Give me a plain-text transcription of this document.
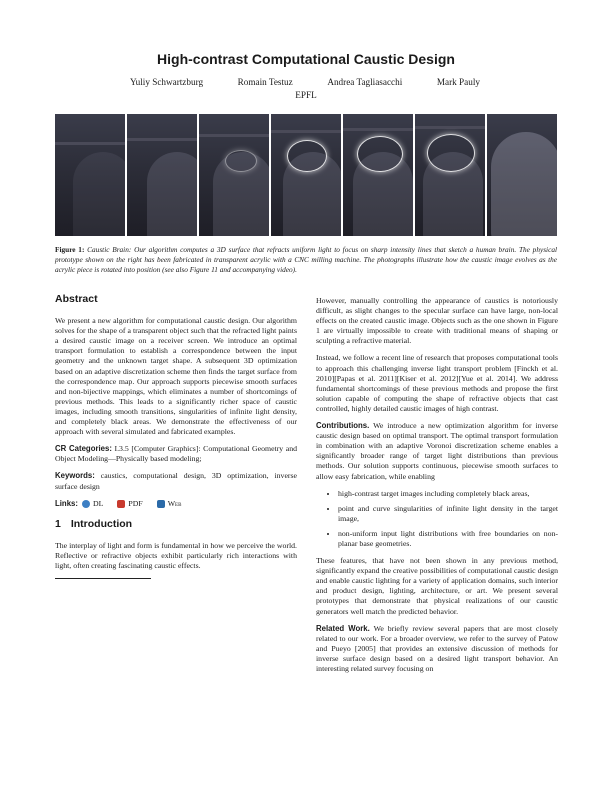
High-contrast Computational Caustic Design
Yuliy Schwartzburg	Romain Testuz	Andrea Tagliasacchi	Mark Pauly
EPFL
Figure 1: Caustic Brain: Our algorithm computes a 3D surface that refracts uniform light to focus on sharp intensity lines that sketch a human brain. The physical prototype shown on the right has been fabricated in transparent acrylic with a CNC milling machine. The photographs illustrate how the caustic image evolves as the acrylic piece is rotated into position (see also Figure 11 and accompanying video).
Abstract

We present a new algorithm for computational caustic design. Our algorithm solves for the shape of a transparent object such that the refracted light paints a desired caustic image on a receiver screen. We introduce an optimal transport formulation to establish a correspondence between the input geometry and the unknown target shape. A subsequent 3D optimization based on an adaptive discretization scheme then finds the target surface from the correspondence map. Our approach supports piecewise smooth surfaces and non-bijective mappings, which eliminates a number of shortcomings of previous methods. This leads to a significantly richer space of caustic images, including smooth transitions, singularities of infinite light density, and completely black areas. We demonstrate the effectiveness of our approach with several simulated and fabricated examples.

CR Categories: I.3.5 [Computer Graphics]: Computational Geometry and Object Modeling—Physically based modeling;

Keywords: caustics, computational design, 3D optimization, inverse surface design

Links: DL	PDF	Web
1 Introduction

The interplay of light and form is fundamental in how we perceive the world. Reflective or refractive objects exhibit particularly rich interactions with light, often creating fascinating caustic effects.

However, manually controlling the appearance of caustics is notoriously difficult, as slight changes to the specular surface can have large, non-local effects on the created caustic image. Objects such as the one shown in Figure 1 are virtually impossible to create with traditional means of shaping or sculpting a refractive material.

Instead, we follow a recent line of research that proposes computational tools to approach this challenging inverse light transport problem [Finckh et al. 2010][Papas et al. 2011][Kiser et al. 2012][Yue et al. 2014]. We address fundamental shortcomings of these previous methods and propose the first solution capable of computing the shape of refractive objects that cast controlled, highly detailed caustic images of high contrast.

Contributions. We introduce a new optimization algorithm for inverse caustic design based on optimal transport. The optimal transport formulation in combination with an adaptive Voronoi discretization scheme enables a significantly broader range of target light distributions than previous methods. Our solution supports continuous, piecewise smooth surfaces to allow easy fabrication, while enabling

• high-contrast target images including completely black areas,
• point and curve singularities of infinite light density in the target image,
• non-uniform input light distributions with free boundaries on non-planar base geometries.

These features, that have not been shown in any previous method, significantly expand the creative possibilities of computational caustic design and enable caustic lighting for a variety of application domains, such interior and product design, lighting, architecture, or art. We present several prototypes that demonstrate that physical realizations of our caustic generators well match the predicted behavior.

Related Work. We briefly review several papers that are most closely related to our work. For a broader overview, we refer to the survey of Patow and Pueyo [2005] that provides an extensive discussion of methods for inverse surface design based on a desired light transport behavior. An interesting related survey focusing on
